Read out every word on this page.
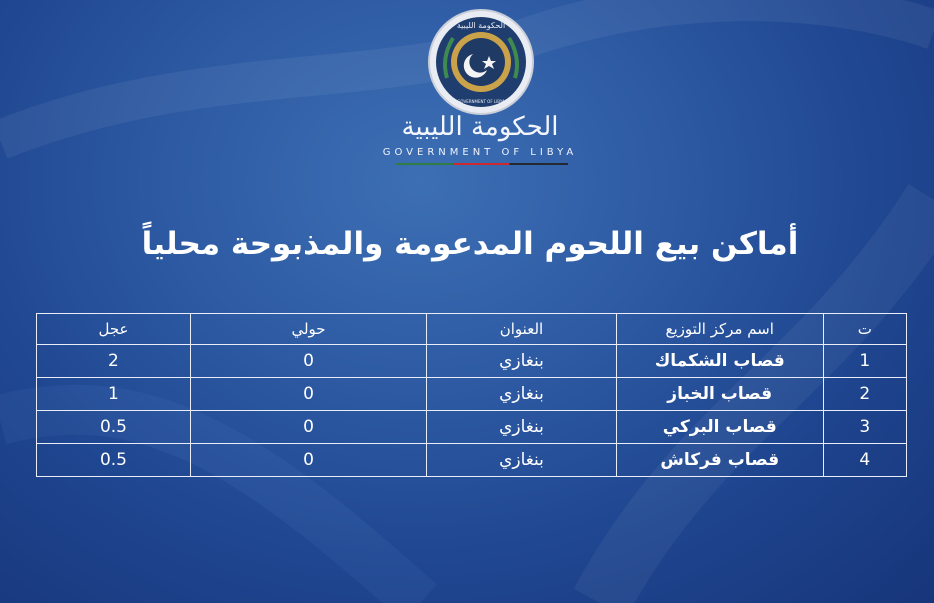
الحكومة الليبية
GOVERNMENT OF LIBYA
الحكومة الليبية
GOVERNMENT OF LIBYA
أماكن بيع اللحوم المدعومة والمذبوحة محلياً
ت	اسم مركز التوزيع	العنوان	حولي	عجل
1	قصاب الشكماك	بنغازي	0	2
2	قصاب الخباز	بنغازي	0	1
3	قصاب البركي	بنغازي	0	0.5
4	قصاب فركاش	بنغازي	0	0.5
